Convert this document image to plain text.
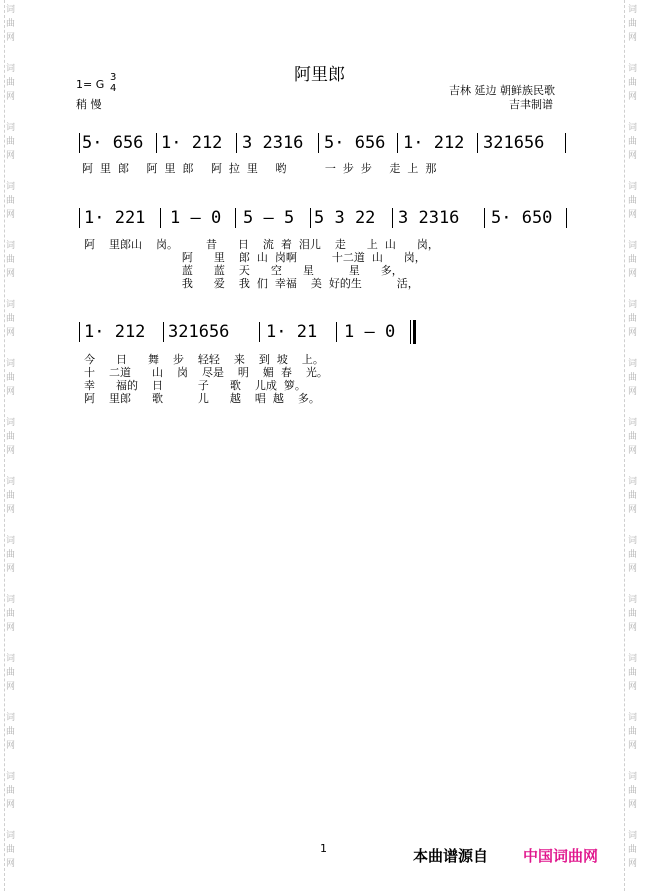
词
曲
网
词
曲
网
词
曲
网
词
曲
网
词
曲
网
词
曲
网
词
曲
网
词
曲
网
词
曲
网
词
曲
网
词
曲
网
词
曲
网
词
曲
网
词
曲
网
词
曲
网
词
曲
网
词
曲
网
词
曲
网
词
曲
网
词
曲
网
词
曲
网
词
曲
网
词
曲
网
词
曲
网
词
曲
网
词
曲
网
词
曲
网
词
曲
网
词
曲
网
词
曲
网
阿里郎
1= G
3
4
稍 慢
吉林 延边 朝鲜族民歌
吉聿制谱
5· 656 1· 212 3 2316 5· 656 1· 212 321656
阿  里  郎     阿  里  郎     阿  拉  里     哟           一  步  步     走  上  那
1· 221 1 — 0 5 — 5 5 3 22 3 2316 5· 650
阿    里郎山    岗。        昔      日    流  着  泪儿    走      上  山      岗，
阿      里    郎  山  岗啊          十二道  山      岗，
蓝      蓝    天      空      星          星      多，
我      爱    我  们  幸福    美  好的生          活，
1· 212 321656 1· 21 1 — 0
今      日      舞    步    轻轻    来    到  坡    上。
十    二道      山    岗    尽是    明    媚  春    光。
幸      福的    日          子      歌    儿成  箩。
阿    里郎      歌          儿      越    唱  越    多。
1	本曲谱源自 中国词曲网
